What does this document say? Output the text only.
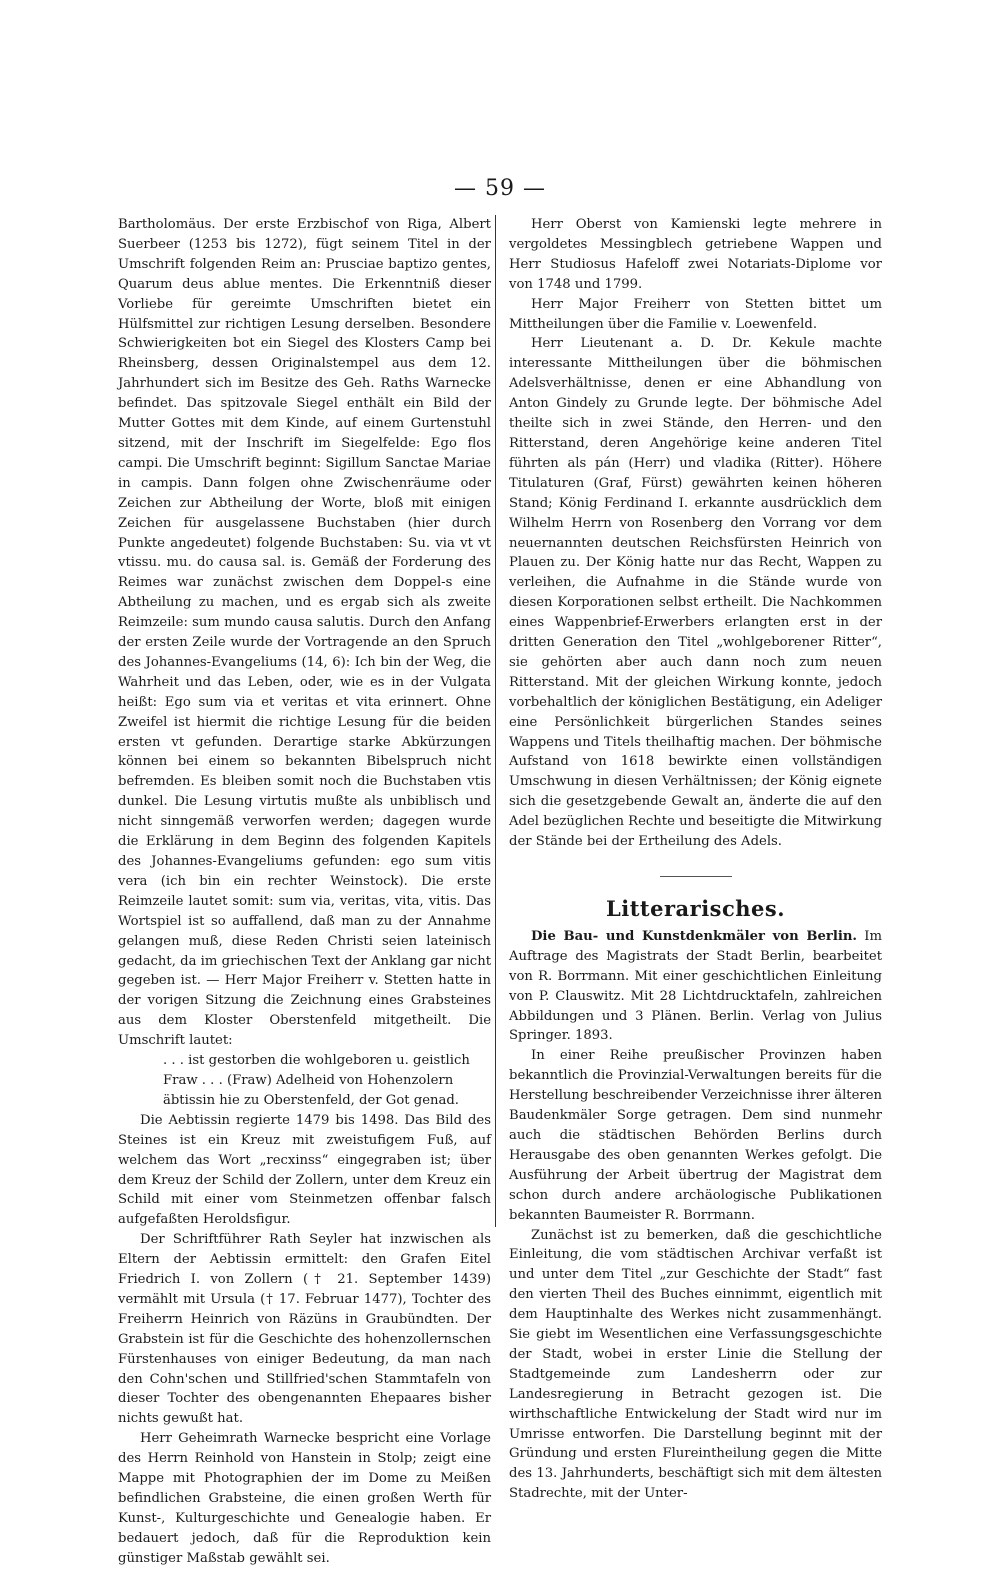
— 59 —

Bartholomäus. Der erste Erzbischof von Riga, Albert Suerbeer (1253 bis 1272), fügt seinem Titel in der Umschrift folgenden Reim an: Prusciae baptizo gentes, Quarum deus ablue mentes. Die Erkenntniß dieser Vorliebe für gereimte Umschriften bietet ein Hülfsmittel zur richtigen Lesung derselben. Besondere Schwierigkeiten bot ein Siegel des Klosters Camp bei Rheinsberg, dessen Originalstempel aus dem 12. Jahrhundert sich im Besitze des Geh. Raths Warnecke befindet. Das spitzovale Siegel enthält ein Bild der Mutter Gottes mit dem Kinde, auf einem Gurtenstuhl sitzend, mit der Inschrift im Siegelfelde: Ego flos campi. Die Umschrift beginnt: Sigillum Sanctae Mariae in campis. Dann folgen ohne Zwischenräume oder Zeichen zur Abtheilung der Worte, bloß mit einigen Zeichen für ausgelassene Buchstaben (hier durch Punkte angedeutet) folgende Buchstaben: Su. via vt vt vtissu. mu. do causa sal. is. Gemäß der Forderung des Reimes war zunächst zwischen dem Doppel-s eine Abtheilung zu machen, und es ergab sich als zweite Reimzeile: sum mundo causa salutis. Durch den Anfang der ersten Zeile wurde der Vortragende an den Spruch des Johannes-Evangeliums (14, 6): Ich bin der Weg, die Wahrheit und das Leben, oder, wie es in der Vulgata heißt: Ego sum via et veritas et vita erinnert. Ohne Zweifel ist hiermit die richtige Lesung für die beiden ersten vt gefunden. Derartige starke Abkürzungen können bei einem so bekannten Bibelspruch nicht befremden. Es bleiben somit noch die Buchstaben vtis dunkel. Die Lesung virtutis mußte als unbiblisch und nicht sinngemäß verworfen werden; dagegen wurde die Erklärung in dem Beginn des folgenden Kapitels des Johannes-Evangeliums gefunden: ego sum vitis vera (ich bin ein rechter Weinstock). Die erste Reimzeile lautet somit: sum via, veritas, vita, vitis. Das Wortspiel ist so auffallend, daß man zu der Annahme gelangen muß, diese Reden Christi seien lateinisch gedacht, da im griechischen Text der Anklang gar nicht gegeben ist. — Herr Major Freiherr v. Stetten hatte in der vorigen Sitzung die Zeichnung eines Grabsteines aus dem Kloster Oberstenfeld mitgetheilt. Die Umschrift lautet:

. . . ist gestorben die wohlgeboren u. geistlich Fraw . . . (Fraw) Adelheid von Hohenzolern äbtissin hie zu Oberstenfeld, der Got genad.

Die Aebtissin regierte 1479 bis 1498. Das Bild des Steines ist ein Kreuz mit zweistufigem Fuß, auf welchem das Wort „recxinss“ eingegraben ist; über dem Kreuz der Schild der Zollern, unter dem Kreuz ein Schild mit einer vom Steinmetzen offenbar falsch aufgefaßten Heroldsfigur.

Der Schriftführer Rath Seyler hat inzwischen als Eltern der Aebtissin ermittelt: den Grafen Eitel Friedrich I. von Zollern († 21. September 1439) vermählt mit Ursula († 17. Februar 1477), Tochter des Freiherrn Heinrich von Räzüns in Graubündten. Der Grabstein ist für die Geschichte des hohenzollernschen Fürstenhauses von einiger Bedeutung, da man nach den Cohn'schen und Stillfried'schen Stammtafeln von dieser Tochter des obengenannten Ehepaares bisher nichts gewußt hat.

Herr Geheimrath Warnecke bespricht eine Vorlage des Herrn Reinhold von Hanstein in Stolp; zeigt eine Mappe mit Photographien der im Dome zu Meißen befindlichen Grabsteine, die einen großen Werth für Kunst-, Kulturgeschichte und Genealogie haben. Er bedauert jedoch, daß für die Reproduktion kein günstiger Maßstab gewählt sei.

Herr Oberst von Kamienski legte mehrere in vergoldetes Messingblech getriebene Wappen und Herr Studiosus Hafeloff zwei Notariats-Diplome vor von 1748 und 1799.

Herr Major Freiherr von Stetten bittet um Mittheilungen über die Familie v. Loewenfeld.

Herr Lieutenant a. D. Dr. Kekule machte interessante Mittheilungen über die böhmischen Adelsverhältnisse, denen er eine Abhandlung von Anton Gindely zu Grunde legte. Der böhmische Adel theilte sich in zwei Stände, den Herren- und den Ritterstand, deren Angehörige keine anderen Titel führten als pán (Herr) und vladika (Ritter). Höhere Titulaturen (Graf, Fürst) gewährten keinen höheren Stand; König Ferdinand I. erkannte ausdrücklich dem Wilhelm Herrn von Rosenberg den Vorrang vor dem neuernannten deutschen Reichsfürsten Heinrich von Plauen zu. Der König hatte nur das Recht, Wappen zu verleihen, die Aufnahme in die Stände wurde von diesen Korporationen selbst ertheilt. Die Nachkommen eines Wappenbrief-Erwerbers erlangten erst in der dritten Generation den Titel „wohlgeborener Ritter“, sie gehörten aber auch dann noch zum neuen Ritterstand. Mit der gleichen Wirkung konnte, jedoch vorbehaltlich der königlichen Bestätigung, ein Adeliger eine Persönlichkeit bürgerlichen Standes seines Wappens und Titels theilhaftig machen. Der böhmische Aufstand von 1618 bewirkte einen vollständigen Umschwung in diesen Verhältnissen; der König eignete sich die gesetzgebende Gewalt an, änderte die auf den Adel bezüglichen Rechte und beseitigte die Mitwirkung der Stände bei der Ertheilung des Adels.

Litterarisches.

Die Bau- und Kunstdenkmäler von Berlin. Im Auftrage des Magistrats der Stadt Berlin, bearbeitet von R. Borrmann. Mit einer geschichtlichen Einleitung von P. Clauswitz. Mit 28 Lichtdrucktafeln, zahlreichen Abbildungen und 3 Plänen. Berlin. Verlag von Julius Springer. 1893.

In einer Reihe preußischer Provinzen haben bekanntlich die Provinzial-Verwaltungen bereits für die Herstellung beschreibender Verzeichnisse ihrer älteren Baudenkmäler Sorge getragen. Dem sind nunmehr auch die städtischen Behörden Berlins durch Herausgabe des oben genannten Werkes gefolgt. Die Ausführung der Arbeit übertrug der Magistrat dem schon durch andere archäologische Publikationen bekannten Baumeister R. Borrmann.

Zunächst ist zu bemerken, daß die geschichtliche Einleitung, die vom städtischen Archivar verfaßt ist und unter dem Titel „zur Geschichte der Stadt“ fast den vierten Theil des Buches einnimmt, eigentlich mit dem Hauptinhalte des Werkes nicht zusammenhängt. Sie giebt im Wesentlichen eine Verfassungsgeschichte der Stadt, wobei in erster Linie die Stellung der Stadtgemeinde zum Landesherrn oder zur Landesregierung in Betracht gezogen ist. Die wirthschaftliche Entwickelung der Stadt wird nur im Umrisse entworfen. Die Darstellung beginnt mit der Gründung und ersten Flureintheilung gegen die Mitte des 13. Jahrhunderts, beschäftigt sich mit dem ältesten Stadrechte, mit der Unter-
